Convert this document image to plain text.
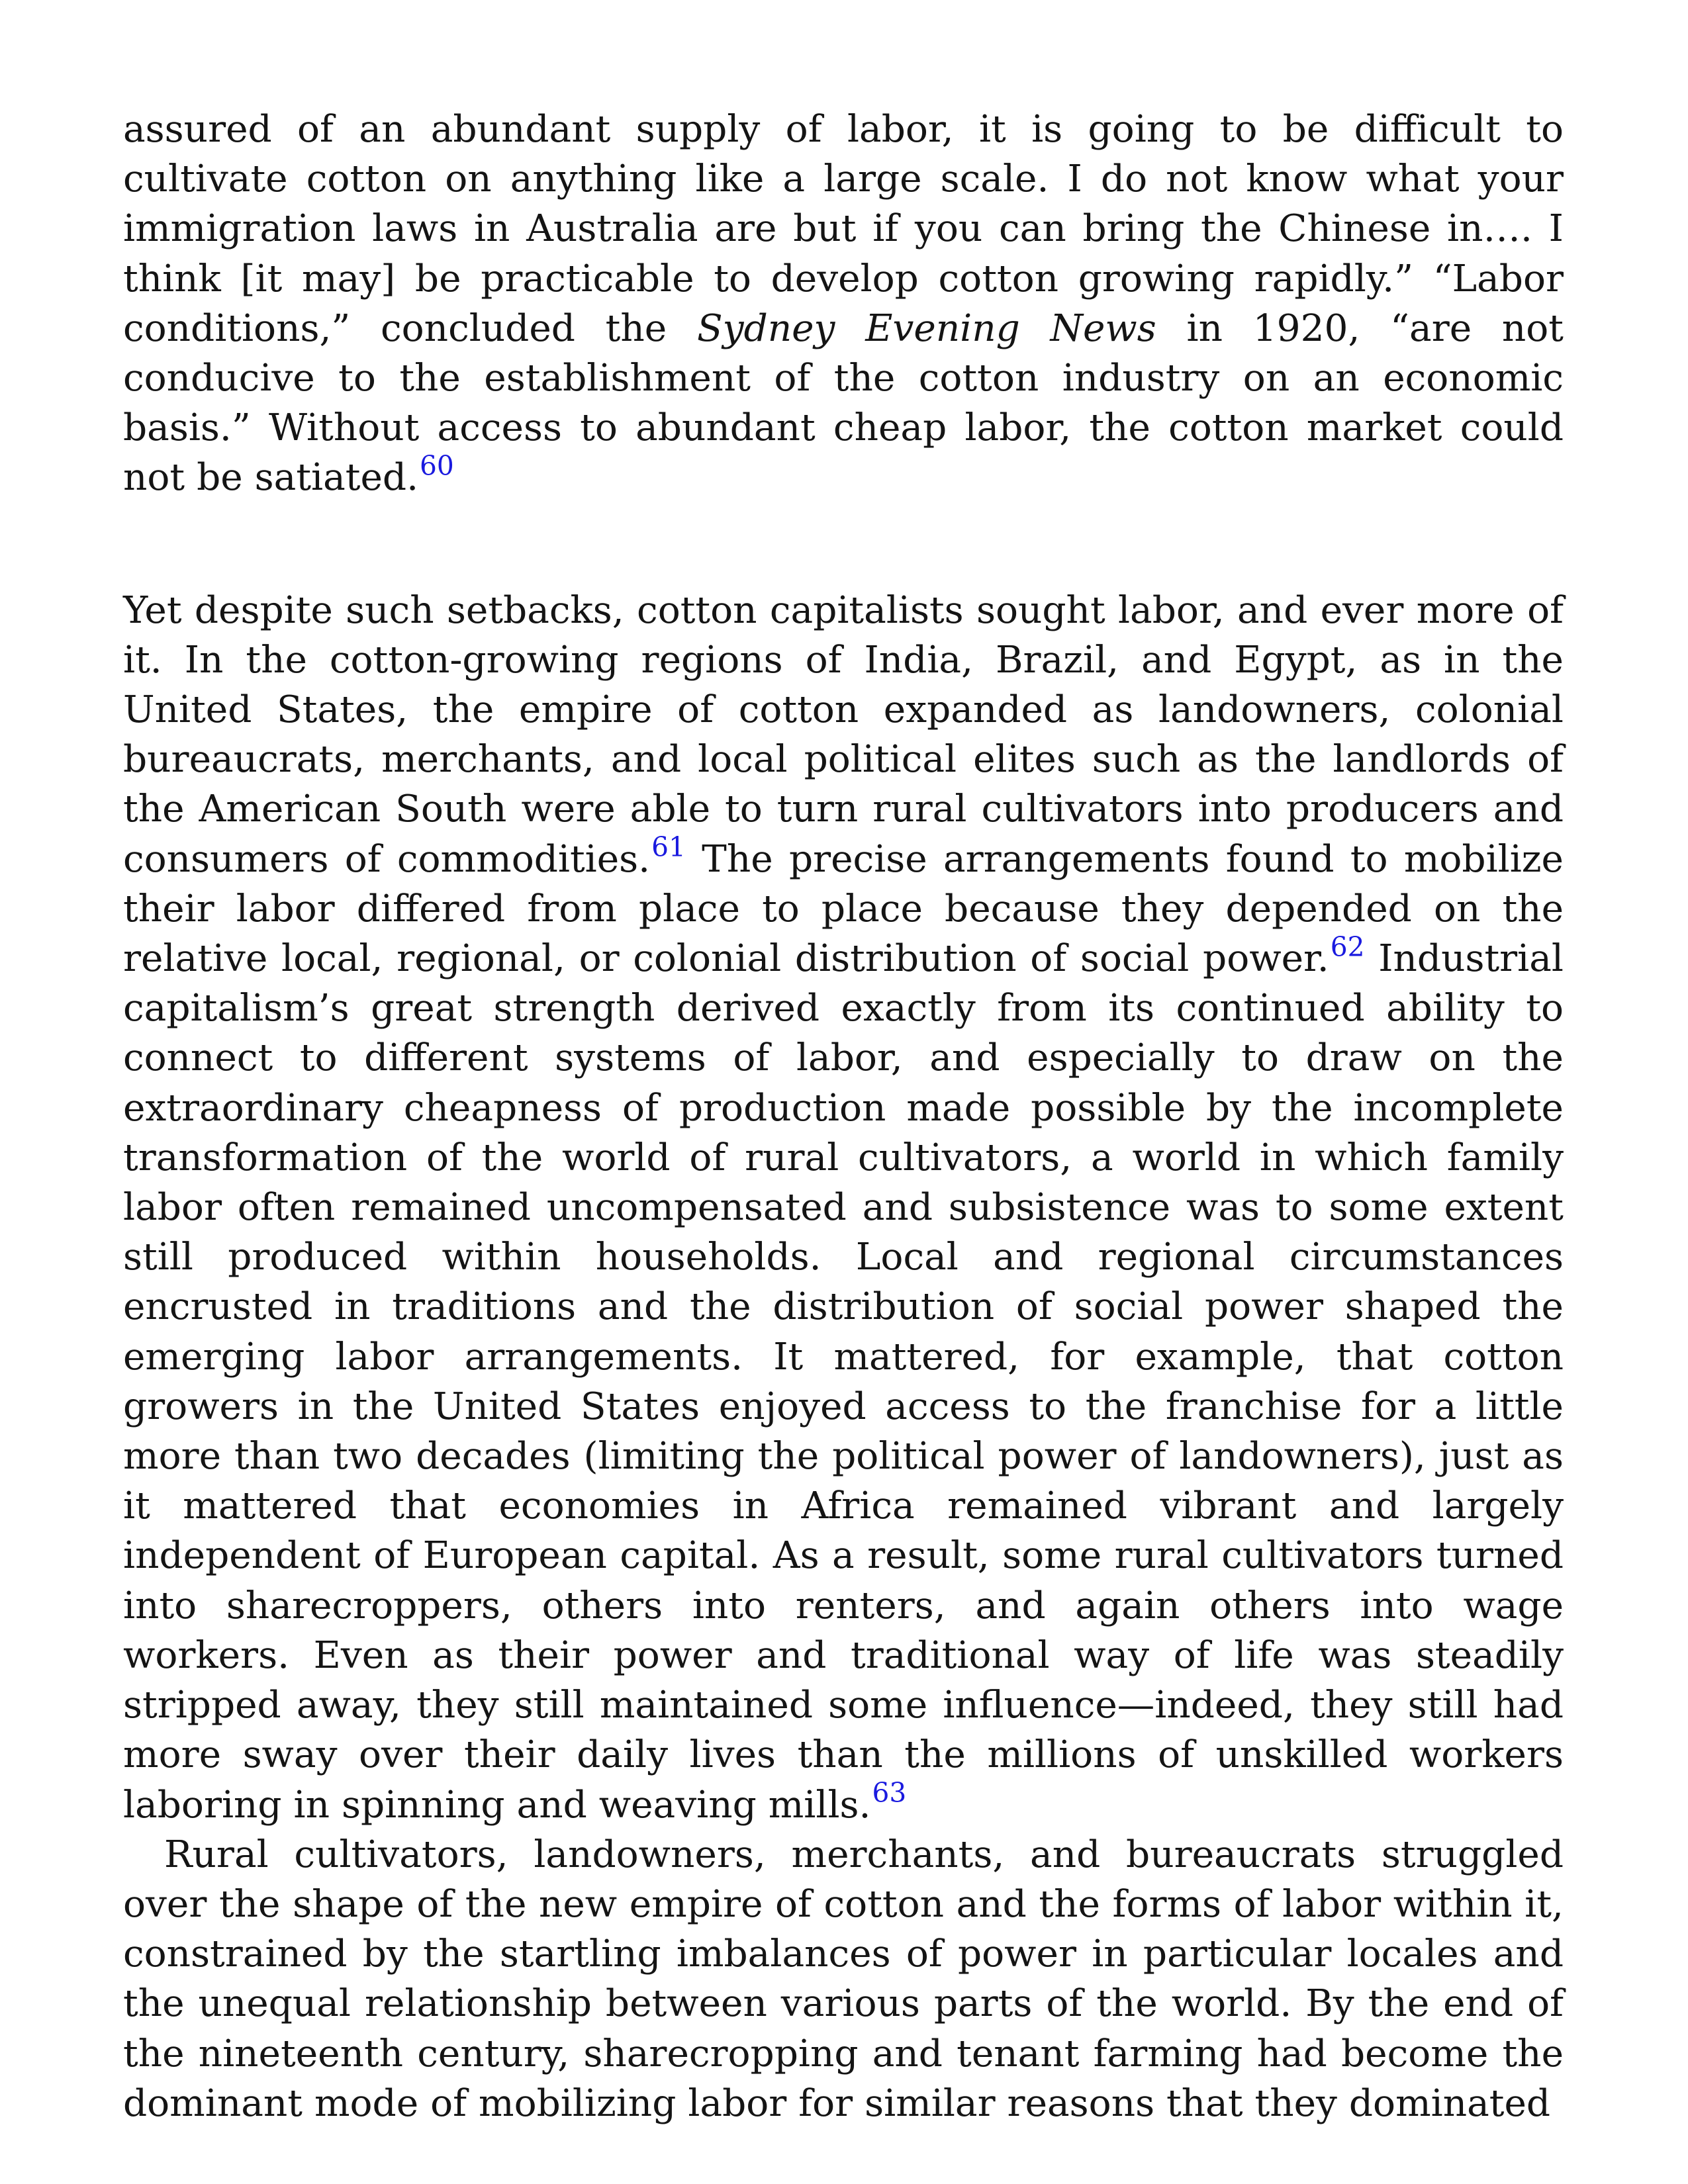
assured of an abundant supply of labor, it is going to be difficult to cultivate cotton on anything like a large scale. I do not know what your immigration laws in Australia are but if you can bring the Chinese in…. I think [it may] be practicable to develop cotton growing rapidly.” “Labor conditions,” concluded the Sydney Evening News in 1920, “are not conducive to the establishment of the cotton industry on an economic basis.” Without access to abundant cheap labor, the cotton market could not be satiated.$^{60}$

Yet despite such setbacks, cotton capitalists sought labor, and ever more of it. In the cotton-growing regions of India, Brazil, and Egypt, as in the United States, the empire of cotton expanded as landowners, colonial bureaucrats, merchants, and local political elites such as the landlords of the American South were able to turn rural cultivators into producers and consumers of commodities.$^{61}$ The precise arrangements found to mobilize their labor differed from place to place because they depended on the relative local, regional, or colonial distribution of social power.$^{62}$ Industrial capitalism’s great strength derived exactly from its continued ability to connect to different systems of labor, and especially to draw on the extraordinary cheapness of production made possible by the incomplete transformation of the world of rural cultivators, a world in which family labor often remained uncompensated and subsistence was to some extent still produced within households. Local and regional circumstances encrusted in traditions and the distribution of social power shaped the emerging labor arrangements. It mattered, for example, that cotton growers in the United States enjoyed access to the franchise for a little more than two decades (limiting the political power of landowners), just as it mattered that economies in Africa remained vibrant and largely independent of European capital. As a result, some rural cultivators turned into sharecroppers, others into renters, and again others into wage workers. Even as their power and traditional way of life was steadily stripped away, they still maintained some influence—indeed, they still had more sway over their daily lives than the millions of unskilled workers laboring in spinning and weaving mills.$^{63}$

Rural cultivators, landowners, merchants, and bureaucrats struggled over the shape of the new empire of cotton and the forms of labor within it, constrained by the startling imbalances of power in particular locales and the unequal relationship between various parts of the world. By the end of the nineteenth century, sharecropping and tenant farming had become the dominant mode of mobilizing labor for similar reasons that they dominated
